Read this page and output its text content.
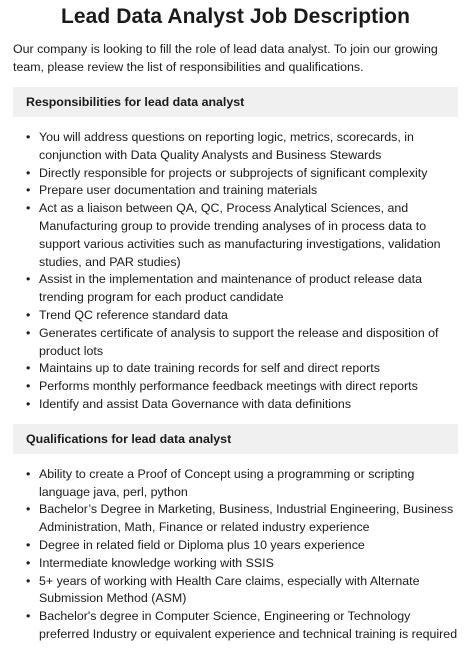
Lead Data Analyst Job Description

Our company is looking to fill the role of lead data analyst. To join our growing team, please review the list of responsibilities and qualifications.

Responsibilities for lead data analyst
• You will address questions on reporting logic, metrics, scorecards, in conjunction with Data Quality Analysts and Business Stewards
• Directly responsible for projects or subprojects of significant complexity
• Prepare user documentation and training materials
• Act as a liaison between QA, QC, Process Analytical Sciences, and Manufacturing group to provide trending analyses of in process data to support various activities such as manufacturing investigations, validation studies, and PAR studies)
• Assist in the implementation and maintenance of product release data trending program for each product candidate
• Trend QC reference standard data
• Generates certificate of analysis to support the release and disposition of product lots
• Maintains up to date training records for self and direct reports
• Performs monthly performance feedback meetings with direct reports
• Identify and assist Data Governance with data definitions
Qualifications for lead data analyst
• Ability to create a Proof of Concept using a programming or scripting language java, perl, python
• Bachelor’s Degree in Marketing, Business, Industrial Engineering, Business Administration, Math, Finance or related industry experience
• Degree in related field or Diploma plus 10 years experience
• Intermediate knowledge working with SSIS
• 5+ years of working with Health Care claims, especially with Alternate Submission Method (ASM)
• Bachelor's degree in Computer Science, Engineering or Technology preferred Industry or equivalent experience and technical training is required
